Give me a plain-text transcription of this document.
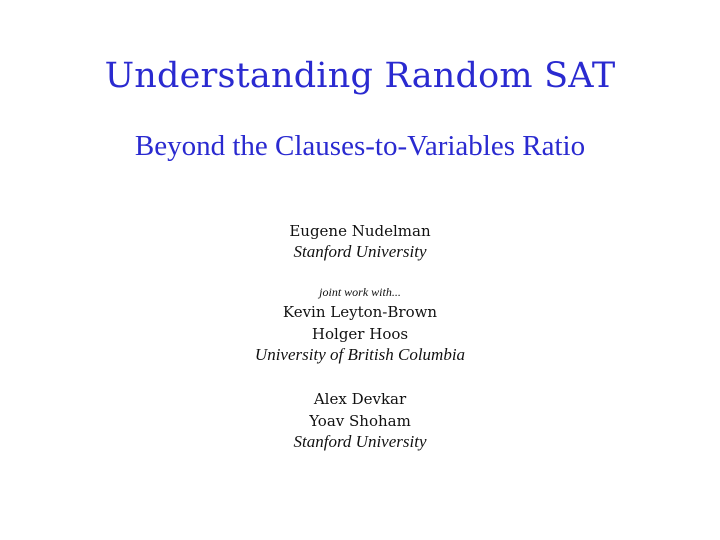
Understanding Random SAT
Beyond the Clauses-to-Variables Ratio
Eugene Nudelman
Stanford University
joint work with...
Kevin Leyton-Brown
Holger Hoos
University of British Columbia
Alex Devkar
Yoav Shoham
Stanford University
